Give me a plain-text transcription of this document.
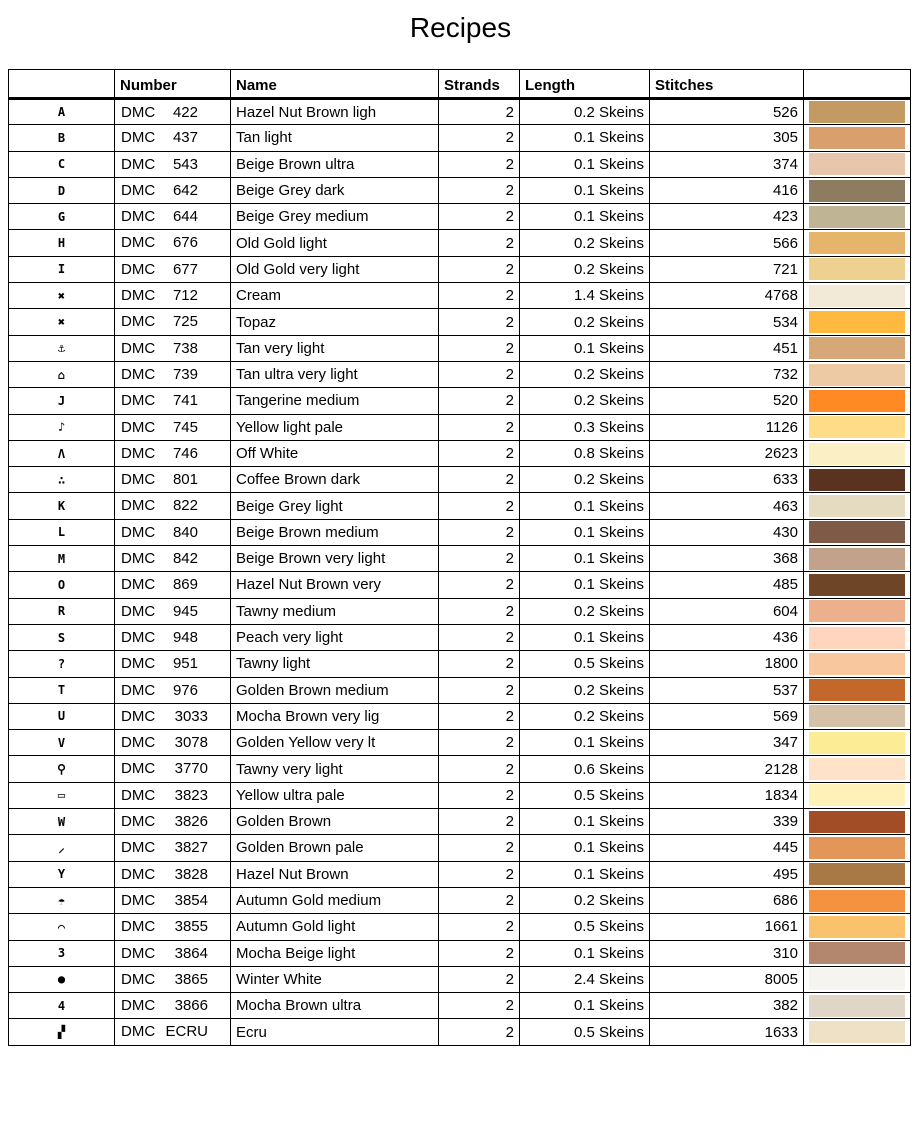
Recipes
	Number	Name	Strands	Length	Stitches	
A	DMC 422	Hazel Nut Brown ligh	2	0.2 Skeins	526	

B	DMC 437	Tan light	2	0.1 Skeins	305	

C	DMC 543	Beige Brown ultra	2	0.1 Skeins	374	

D	DMC 642	Beige Grey dark	2	0.1 Skeins	416	

G	DMC 644	Beige Grey medium	2	0.1 Skeins	423	

H	DMC 676	Old Gold light	2	0.2 Skeins	566	

I	DMC 677	Old Gold very light	2	0.2 Skeins	721	

✖	DMC 712	Cream	2	1.4 Skeins	4768	

✖	DMC 725	Topaz	2	0.2 Skeins	534	

⚓	DMC 738	Tan very light	2	0.1 Skeins	451	

⌂	DMC 739	Tan ultra very light	2	0.2 Skeins	732	

J	DMC 741	Tangerine medium	2	0.2 Skeins	520	

♪	DMC 745	Yellow light pale	2	0.3 Skeins	1126	

Λ	DMC 746	Off White	2	0.8 Skeins	2623	

∴	DMC 801	Coffee Brown dark	2	0.2 Skeins	633	

K	DMC 822	Beige Grey light	2	0.1 Skeins	463	

L	DMC 840	Beige Brown medium	2	0.1 Skeins	430	

M	DMC 842	Beige Brown very light	2	0.1 Skeins	368	

O	DMC 869	Hazel Nut Brown very	2	0.1 Skeins	485	

R	DMC 945	Tawny medium	2	0.2 Skeins	604	

S	DMC 948	Peach very light	2	0.1 Skeins	436	

?	DMC 951	Tawny light	2	0.5 Skeins	1800	

T	DMC 976	Golden Brown medium	2	0.2 Skeins	537	

U	DMC 3033	Mocha Brown very lig	2	0.2 Skeins	569	

V	DMC 3078	Golden Yellow very lt	2	0.1 Skeins	347	

⚲	DMC 3770	Tawny very light	2	0.6 Skeins	2128	

▭	DMC 3823	Yellow ultra pale	2	0.5 Skeins	1834	

W	DMC 3826	Golden Brown	2	0.1 Skeins	339	

⸝	DMC 3827	Golden Brown pale	2	0.1 Skeins	445	

Y	DMC 3828	Hazel Nut Brown	2	0.1 Skeins	495	

☂	DMC 3854	Autumn Gold medium	2	0.2 Skeins	686	

⌒	DMC 3855	Autumn Gold light	2	0.5 Skeins	1661	

3	DMC 3864	Mocha Beige light	2	0.1 Skeins	310	

●	DMC 3865	Winter White	2	2.4 Skeins	8005	

4	DMC 3866	Mocha Brown ultra	2	0.1 Skeins	382	

▞	DMC ECRU	Ecru	2	0.5 Skeins	1633	
